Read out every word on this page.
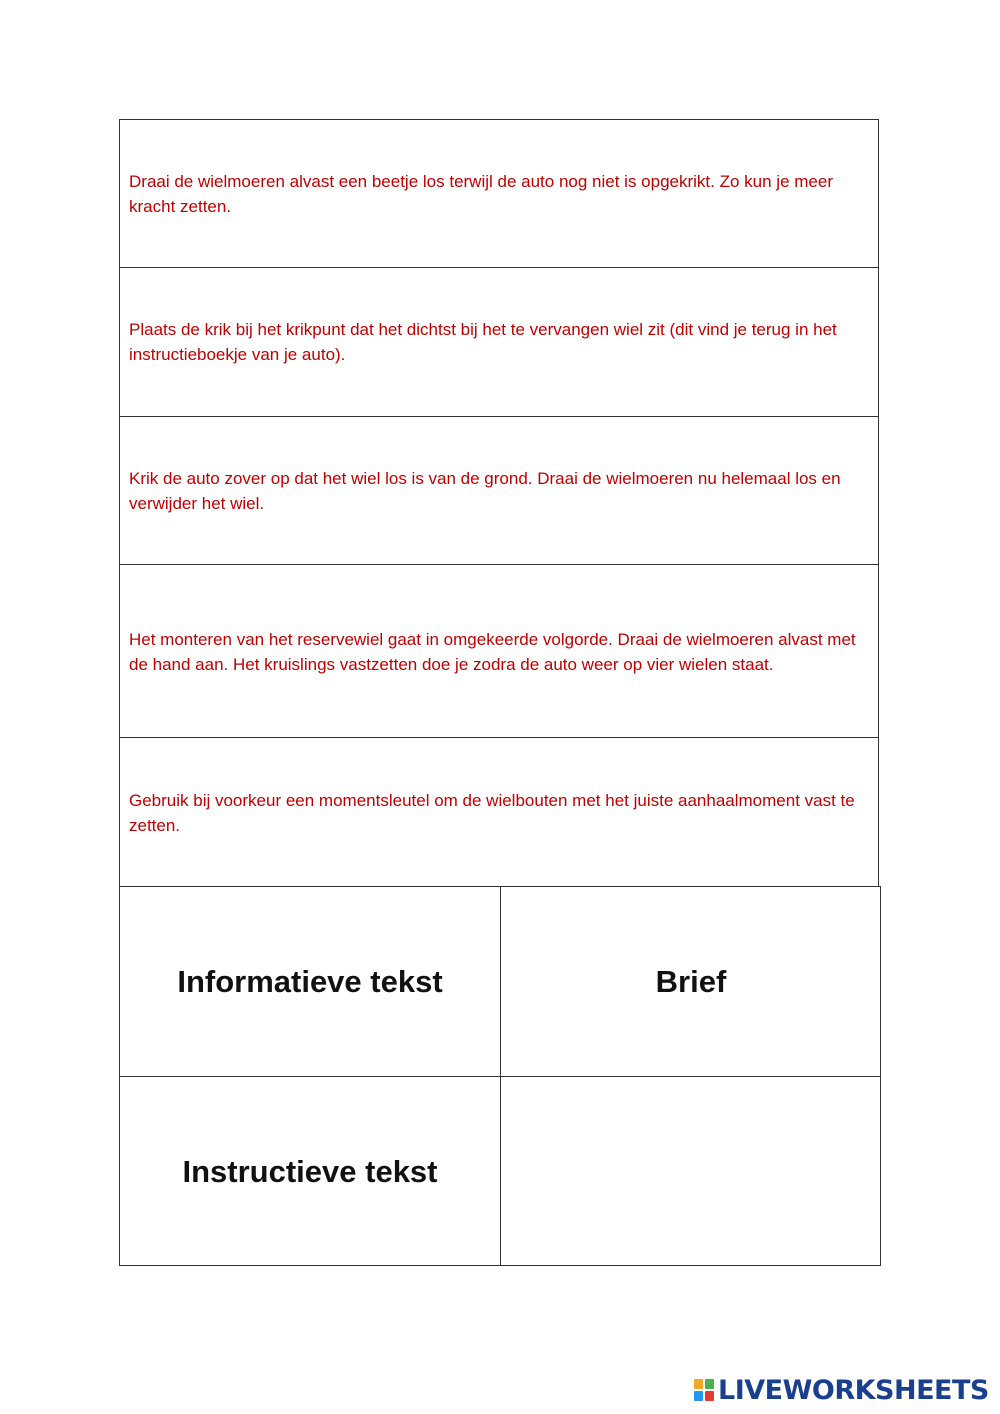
Draai de wielmoeren alvast een beetje los terwijl de auto nog niet is opgekrikt. Zo kun je meer kracht zetten.

Plaats de krik bij het krikpunt dat het dichtst bij het te vervangen wiel zit (dit vind je terug in het instructieboekje van je auto).

Krik de auto zover op dat het wiel los is van de grond. Draai de wielmoeren nu helemaal los en verwijder het wiel.

Het monteren van het reservewiel gaat in omgekeerde volgorde. Draai de wielmoeren alvast met de hand aan. Het kruislings vastzetten doe je zodra de auto weer op vier wielen staat.

Gebruik bij voorkeur een momentsleutel om de wielbouten met het juiste aanhaalmoment vast te zetten.

Informatieve tekst	Brief
Instructieve tekst
LIVEWORKSHEETS
